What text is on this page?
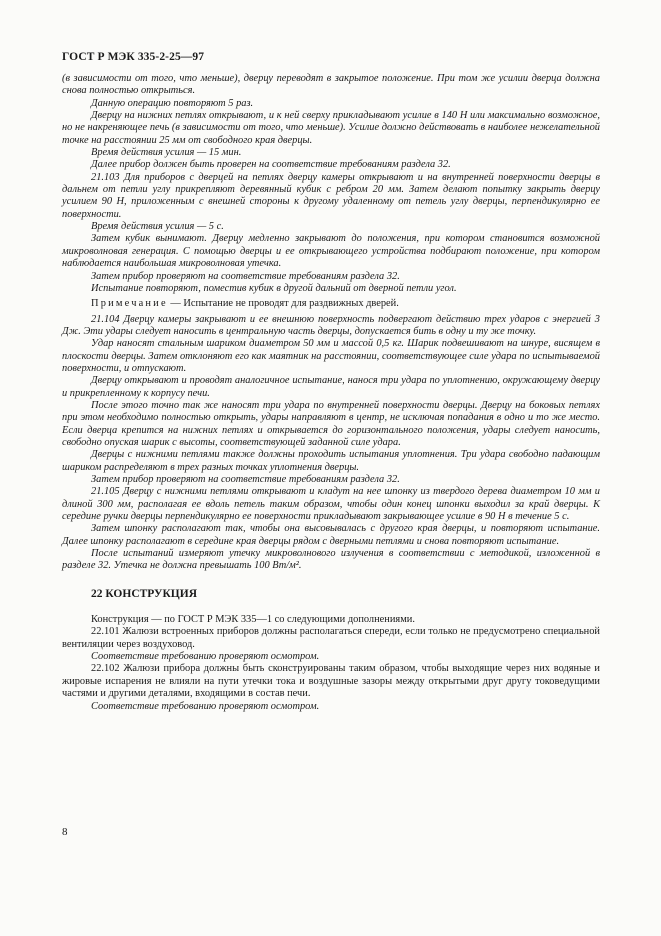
ГОСТ Р МЭК 335-2-25—97

(в зависимости от того, что меньше), дверцу переводят в закрытое положение. При том же усилии дверца должна снова полностью открыться.

Данную операцию повторяют 5 раз.

Дверцу на нижних петлях открывают, и к ней сверху прикладывают усилие в 140 Н или максимально возможное, но не накреняющее печь (в зависимости от того, что меньше). Усилие должно действовать в наиболее нежелательной точке на расстоянии 25 мм от свободного края дверцы.

Время действия усилия — 15 мин.

Далее прибор должен быть проверен на соответствие требованиям раздела 32.

21.103 Для приборов с дверцей на петлях дверцу камеры открывают и на внутренней поверхности дверцы в дальнем от петли углу прикрепляют деревянный кубик с ребром 20 мм. Затем делают попытку закрыть дверцу усилием 90 Н, приложенным с внешней стороны к другому удаленному от петель углу дверцы, перпендикулярно ее поверхности.

Время действия усилия — 5 с.

Затем кубик вынимают. Дверцу медленно закрывают до положения, при котором становится возможной микроволновая генерация. С помощью дверцы и ее открывающего устройства подбирают положение, при котором наблюдается наибольшая микроволновая утечка.

Затем прибор проверяют на соответствие требованиям раздела 32.

Испытание повторяют, поместив кубик в другой дальний от дверной петли угол.

Примечание — Испытание не проводят для раздвижных дверей.

21.104 Дверцу камеры закрывают и ее внешнюю поверхность подвергают действию трех ударов с энергией 3 Дж. Эти удары следует наносить в центральную часть дверцы, допускается бить в одну и ту же точку.

Удар наносят стальным шариком диаметром 50 мм и массой 0,5 кг. Шарик подвешивают на шнуре, висящем в плоскости дверцы. Затем отклоняют его как маятник на расстоянии, соответствующее силе удара по испытываемой поверхности, и отпускают.

Дверцу открывают и проводят аналогичное испытание, нанося три удара по уплотнению, окружающему дверцу и прикрепленному к корпусу печи.

После этого точно так же наносят три удара по внутренней поверхности дверцы. Дверцу на боковых петлях при этом необходимо полностью открыть, удары направляют в центр, не исключая попадания в одно и то же место. Если дверца крепится на нижних петлях и открывается до горизонтального положения, удары следует наносить, свободно опуская шарик с высоты, соответствующей заданной силе удара.

Дверцы с нижними петлями также должны проходить испытания уплотнения. Три удара свободно падающим шариком распределяют в трех разных точках уплотнения дверцы.

Затем прибор проверяют на соответствие требованиям раздела 32.

21.105 Дверцу с нижними петлями открывают и кладут на нее шпонку из твердого дерева диаметром 10 мм и длиной 300 мм, располагая ее вдоль петель таким образом, чтобы один конец шпонки выходил за край дверцы. К середине ручки дверцы перпендикулярно ее поверхности прикладывают закрывающее усилие в 90 Н в течение 5 с.

Затем шпонку располагают так, чтобы она высовывалась с другого края дверцы, и повторяют испытание. Далее шпонку располагают в середине края дверцы рядом с дверными петлями и снова повторяют испытание.

После испытаний измеряют утечку микроволнового излучения в соответствии с методикой, изложенной в разделе 32. Утечка не должна превышать 100 Вт/м².

22 КОНСТРУКЦИЯ

Конструкция — по ГОСТ Р МЭК 335—1 со следующими дополнениями.

22.101 Жалюзи встроенных приборов должны располагаться спереди, если только не предусмотрено специальной вентиляции через воздуховод.

Соответствие требованию проверяют осмотром.

22.102 Жалюзи прибора должны быть сконструированы таким образом, чтобы выходящие через них водяные и жировые испарения не влияли на пути утечки тока и воздушные зазоры между открытыми друг другу токоведущими частями и другими деталями, входящими в состав печи.

Соответствие требованию проверяют осмотром.

8
